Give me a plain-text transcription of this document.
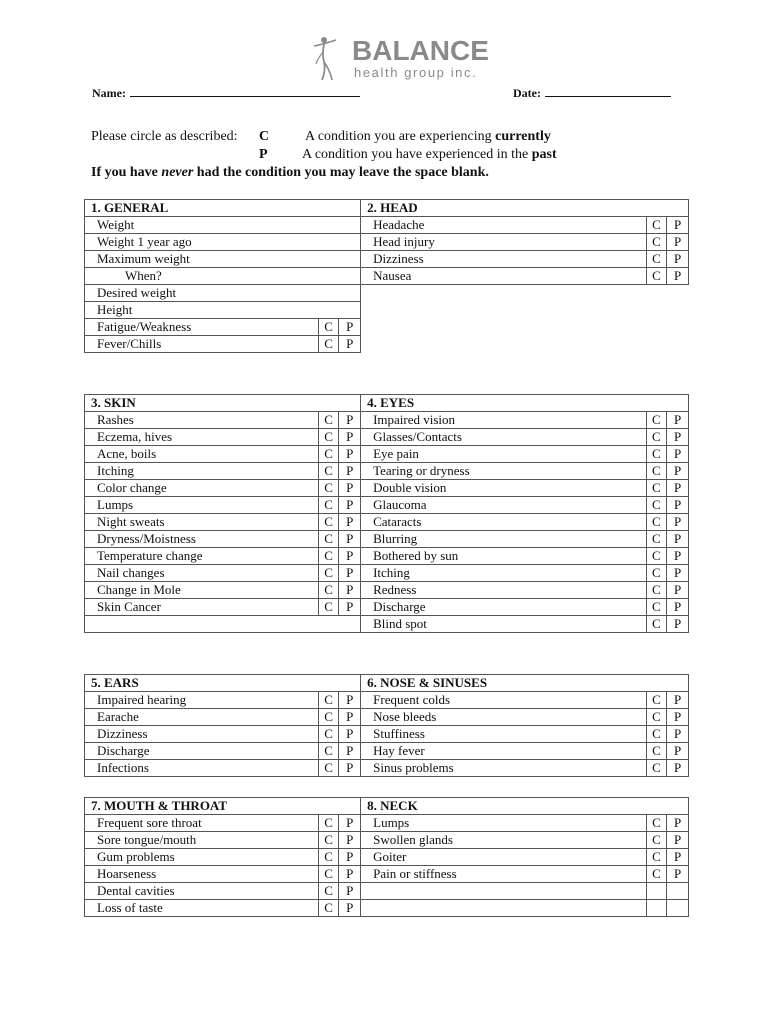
BALANCE
health group inc.
Name:	Date:
Please circle as described: C	A condition you are experiencing currently
P A condition you have experienced in the past
If you have never had the condition you may leave the space blank.
1. GENERAL			2. HEAD		
Weight			Headache	C	P
Weight 1 year ago			Head injury	C	P
Maximum weight			Dizziness	C	P
When?			Nausea	C	P
Desired weight					
Height					
Fatigue/Weakness	C	P			
Fever/Chills	C	P			
3. SKIN			4. EYES		
Rashes	C	P	Impaired vision	C	P
Eczema, hives	C	P	Glasses/Contacts	C	P
Acne, boils	C	P	Eye pain	C	P
Itching	C	P	Tearing or dryness	C	P
Color change	C	P	Double vision	C	P
Lumps	C	P	Glaucoma	C	P
Night sweats	C	P	Cataracts	C	P
Dryness/Moistness	C	P	Blurring	C	P
Temperature change	C	P	Bothered by sun	C	P
Nail changes	C	P	Itching	C	P
Change in Mole	C	P	Redness	C	P
Skin Cancer	C	P	Discharge	C	P
			Blind spot	C	P
5. EARS			6. NOSE & SINUSES		
Impaired hearing	C	P	Frequent colds	C	P
Earache	C	P	Nose bleeds	C	P
Dizziness	C	P	Stuffiness	C	P
Discharge	C	P	Hay fever	C	P
Infections	C	P	Sinus problems	C	P
7. MOUTH & THROAT			8. NECK		
Frequent sore throat	C	P	Lumps	C	P
Sore tongue/mouth	C	P	Swollen glands	C	P
Gum problems	C	P	Goiter	C	P
Hoarseness	C	P	Pain or stiffness	C	P
Dental cavities	C	P			
Loss of taste	C	P			
